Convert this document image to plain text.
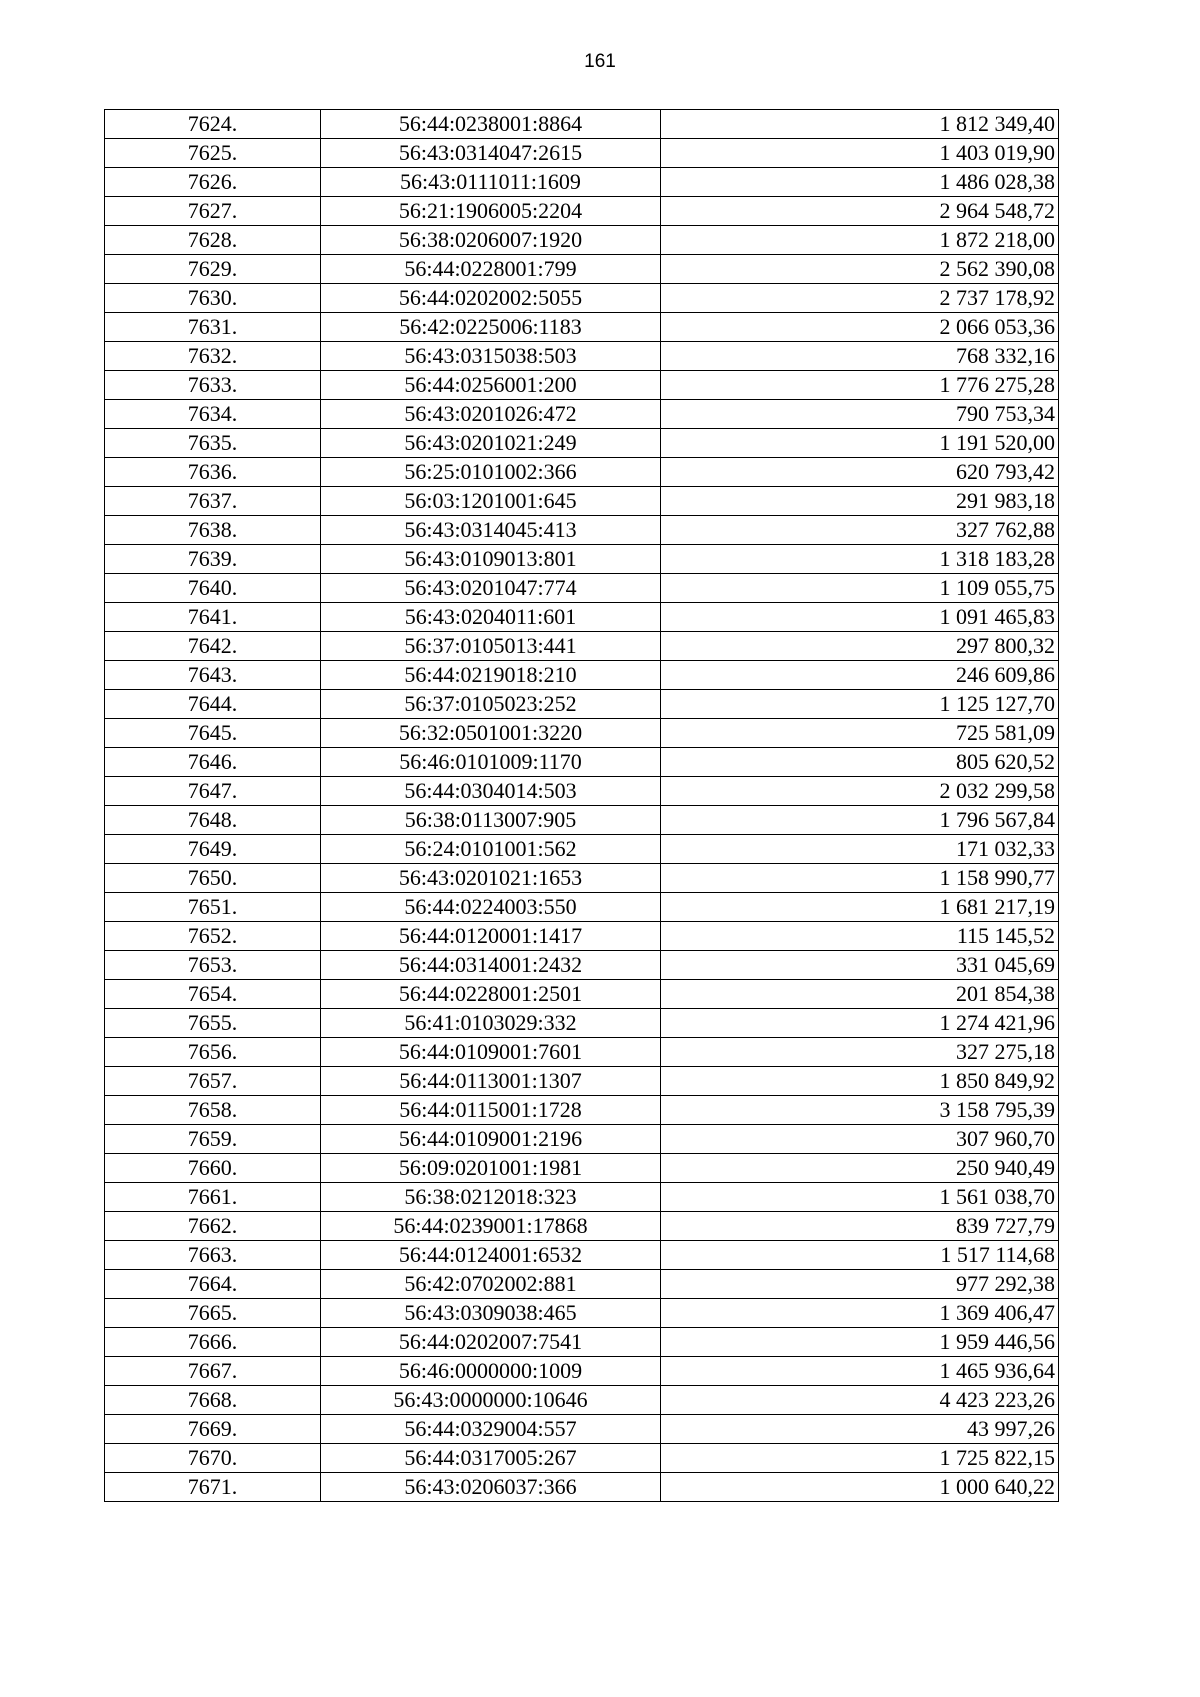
161
7624.	56:44:0238001:8864	1 812 349,40
7625.	56:43:0314047:2615	1 403 019,90
7626.	56:43:0111011:1609	1 486 028,38
7627.	56:21:1906005:2204	2 964 548,72
7628.	56:38:0206007:1920	1 872 218,00
7629.	56:44:0228001:799	2 562 390,08
7630.	56:44:0202002:5055	2 737 178,92
7631.	56:42:0225006:1183	2 066 053,36
7632.	56:43:0315038:503	768 332,16
7633.	56:44:0256001:200	1 776 275,28
7634.	56:43:0201026:472	790 753,34
7635.	56:43:0201021:249	1 191 520,00
7636.	56:25:0101002:366	620 793,42
7637.	56:03:1201001:645	291 983,18
7638.	56:43:0314045:413	327 762,88
7639.	56:43:0109013:801	1 318 183,28
7640.	56:43:0201047:774	1 109 055,75
7641.	56:43:0204011:601	1 091 465,83
7642.	56:37:0105013:441	297 800,32
7643.	56:44:0219018:210	246 609,86
7644.	56:37:0105023:252	1 125 127,70
7645.	56:32:0501001:3220	725 581,09
7646.	56:46:0101009:1170	805 620,52
7647.	56:44:0304014:503	2 032 299,58
7648.	56:38:0113007:905	1 796 567,84
7649.	56:24:0101001:562	171 032,33
7650.	56:43:0201021:1653	1 158 990,77
7651.	56:44:0224003:550	1 681 217,19
7652.	56:44:0120001:1417	115 145,52
7653.	56:44:0314001:2432	331 045,69
7654.	56:44:0228001:2501	201 854,38
7655.	56:41:0103029:332	1 274 421,96
7656.	56:44:0109001:7601	327 275,18
7657.	56:44:0113001:1307	1 850 849,92
7658.	56:44:0115001:1728	3 158 795,39
7659.	56:44:0109001:2196	307 960,70
7660.	56:09:0201001:1981	250 940,49
7661.	56:38:0212018:323	1 561 038,70
7662.	56:44:0239001:17868	839 727,79
7663.	56:44:0124001:6532	1 517 114,68
7664.	56:42:0702002:881	977 292,38
7665.	56:43:0309038:465	1 369 406,47
7666.	56:44:0202007:7541	1 959 446,56
7667.	56:46:0000000:1009	1 465 936,64
7668.	56:43:0000000:10646	4 423 223,26
7669.	56:44:0329004:557	43 997,26
7670.	56:44:0317005:267	1 725 822,15
7671.	56:43:0206037:366	1 000 640,22
